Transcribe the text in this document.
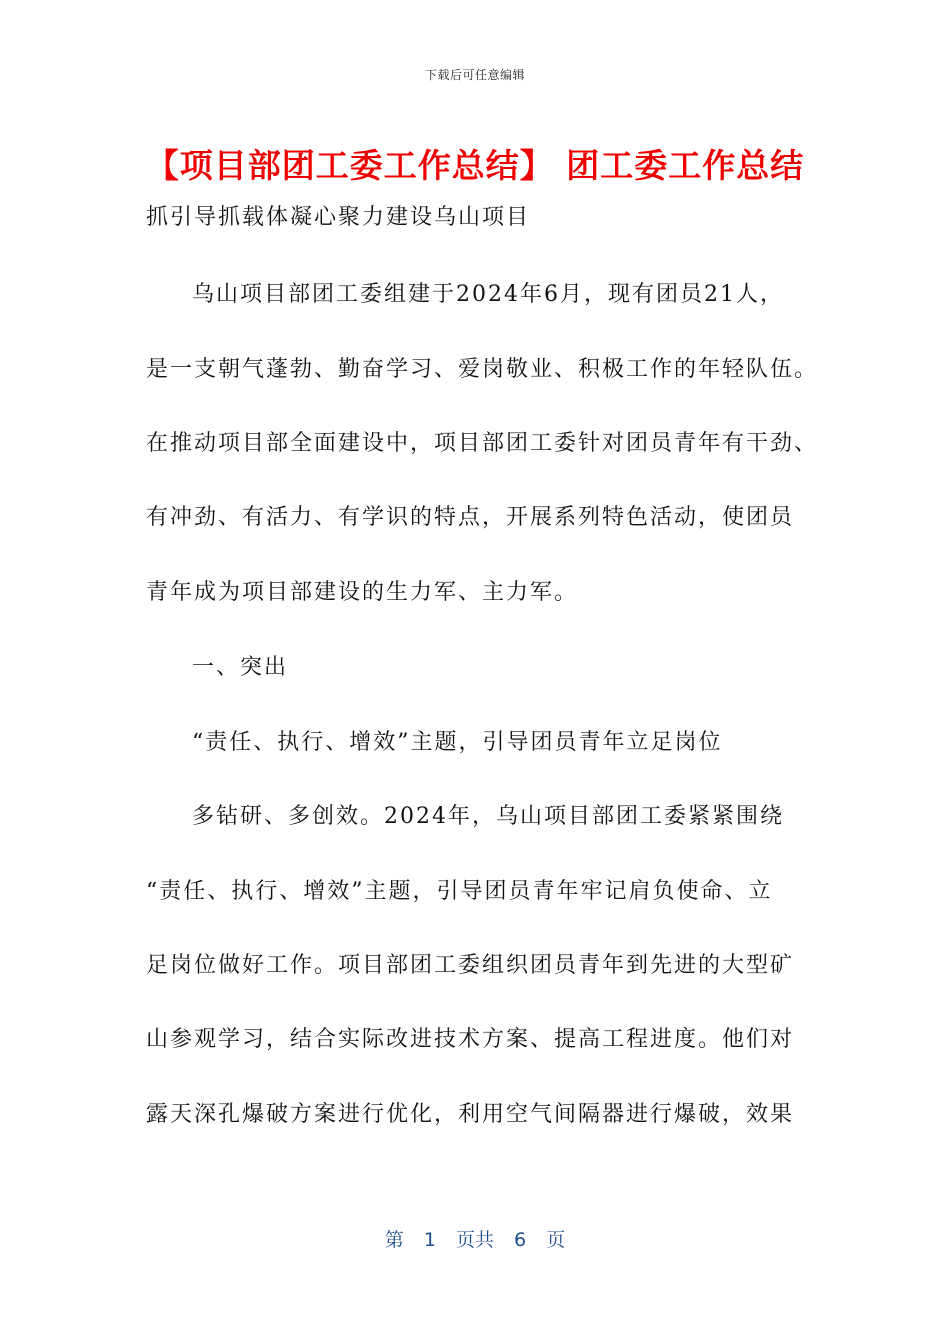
下载后可任意编辑
【项目部团工委工作总结】 团工委工作总结
抓引导抓载体凝心聚力建设乌山项目
乌山项目部团工委组建于2024年6月，现有团员21人，
是一支朝气蓬勃、勤奋学习、爱岗敬业、积极工作的年轻队伍。
在推动项目部全面建设中，项目部团工委针对团员青年有干劲、
有冲劲、有活力、有学识的特点，开展系列特色活动，使团员
青年成为项目部建设的生力军、主力军。
一、突出
“责任、执行、增效”主题，引导团员青年立足岗位
多钻研、多创效。2024年，乌山项目部团工委紧紧围绕
“责任、执行、增效”主题，引导团员青年牢记肩负使命、立
足岗位做好工作。项目部团工委组织团员青年到先进的大型矿
山参观学习，结合实际改进技术方案、提高工程进度。他们对
露天深孔爆破方案进行优化，利用空气间隔器进行爆破，效果
第 1 页共 6 页
